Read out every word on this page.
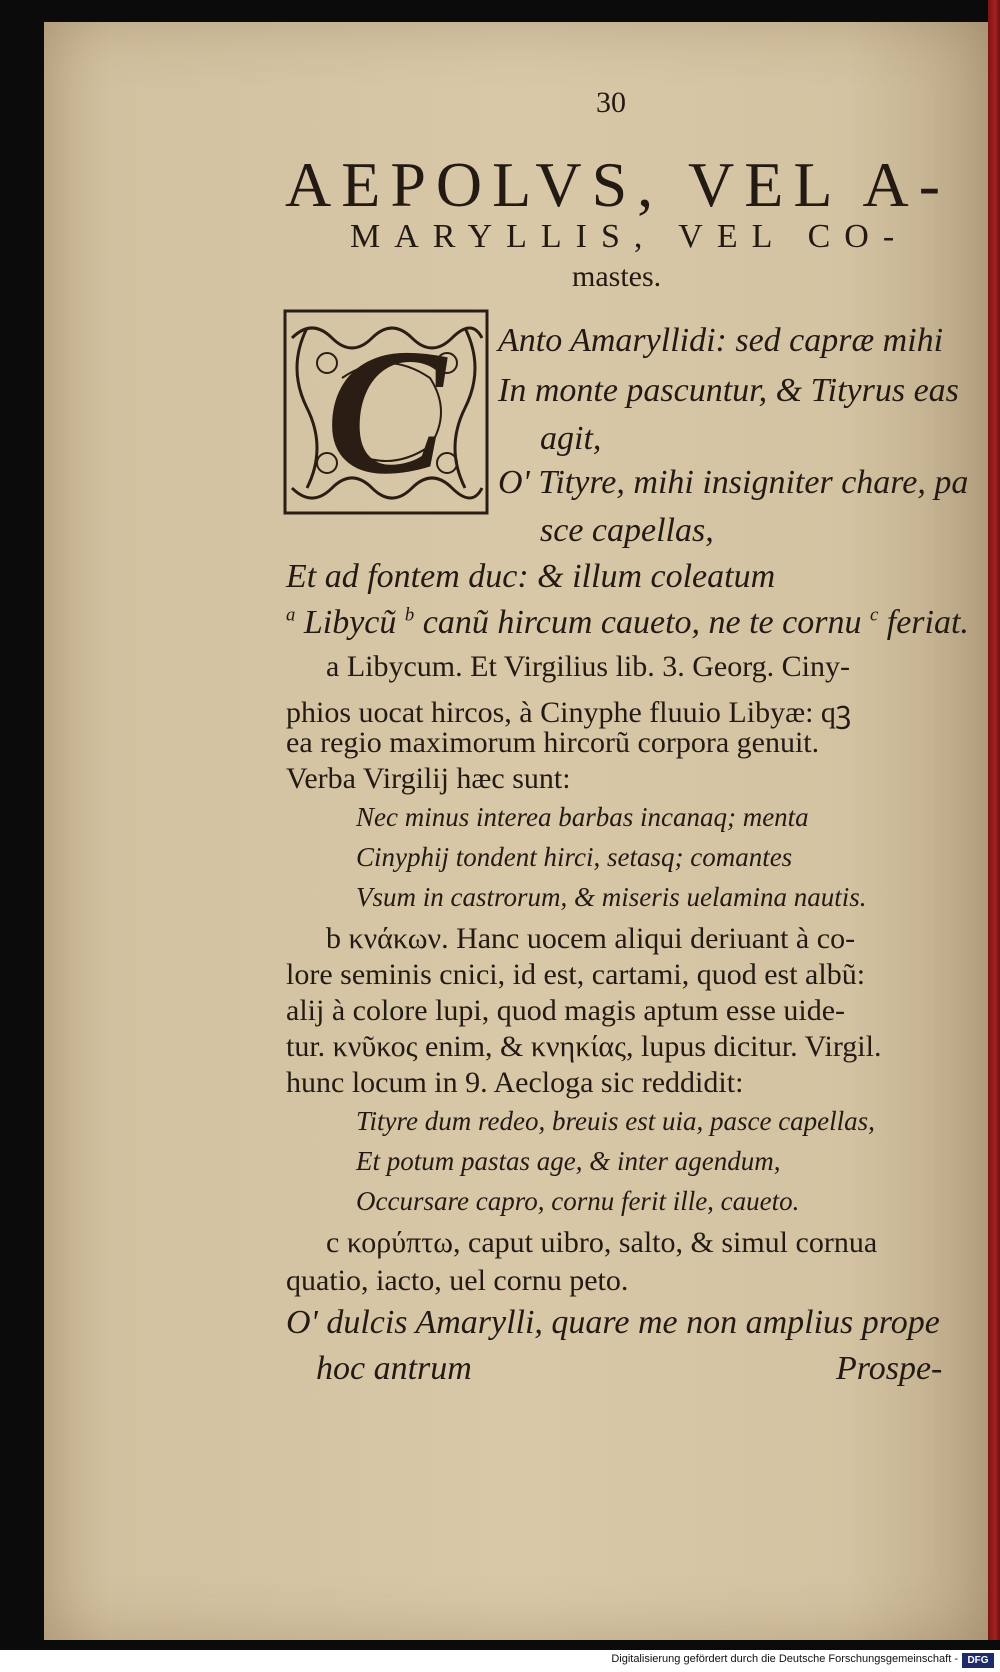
30
AEPOLVS, VEL A-
MARYLLIS, VEL CO-
mastes.
C	Anto Amaryllidi: sed capræ mihi
In monte pascuntur, & Tityrus eas
agit,
O' Tityre, mihi insigniter chare, pa
sce capellas,
Et ad fontem duc: & illum coleatum
$^a$ Libycũ $^b$ canũ hircum caueto, ne te cornu $^c$ feriat.
a Libycum. Et Virgilius lib. 3. Georg. Ciny-
phios uocat hircos, à Cinyphe fluuio Libyæ: qꝫ
ea regio maximorum hircorũ corpora genuit.
Verba Virgilij hæc sunt:
Nec minus interea barbas incanaq; menta
Cinyphij tondent hirci, setasq; comantes
Vsum in castrorum, & miseris uelamina nautis.
b κνάκων. Hanc uocem aliqui deriuant à co-
lore seminis cnici, id est, cartami, quod est albũ:
alij à colore lupi, quod magis aptum esse uide-
tur. κνῦκος enim, & κνηκίας, lupus dicitur. Virgil.
hunc locum in 9. Aecloga sic reddidit:
Tityre dum redeo, breuis est uia, pasce capellas,
Et potum pastas age, & inter agendum,
Occursare capro, cornu ferit ille, caueto.
c κορύπτω, caput uibro, salto, & simul cornua
quatio, iacto, uel cornu peto.
O' dulcis Amarylli, quare me non amplius prope
hoc antrum	Prospe-
Digitalisierung gefördert durch die Deutsche Forschungsgemeinschaft - DFG
